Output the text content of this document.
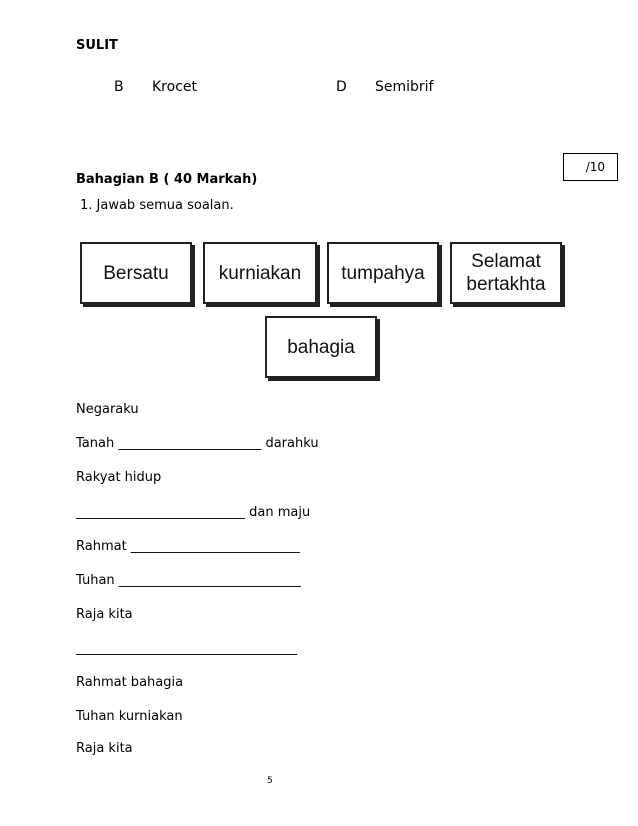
SULIT
B Krocet	D Semibrif
/10
Bahagian B ( 40 Markah)
1. Jawab semua soalan.
Bersatu	kurniakan tumpahya
Selamat
bertakhta
bahagia
Negaraku
Tanah ______________________ darahku
Rakyat hidup
__________________________ dan maju
Rahmat __________________________
Tuhan ____________________________
Raja kita
__________________________________
Rahmat bahagia
Tuhan kurniakan
Raja kita
5
